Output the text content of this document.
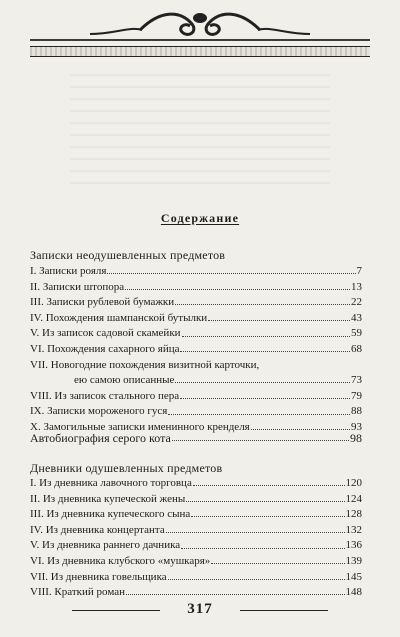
Содержание
Записки неодушевленных предметов
I. Записки рояля	7
II. Записки штопора	13
III. Записки рублевой бумажки	22
IV. Похождения шампанской бутылки	43
V. Из записок садовой скамейки	59
VI. Похождения сахарного яйца	68
VII. Новогодние похождения визитной карточки,
ею самою описанные	73
VIII. Из записок стального пера	79
IX. Записки мороженого гуся	88
X. Замогильные записки именинного кренделя	93
Автобиография серого кота	98
Дневники одушевленных предметов
I. Из дневника лавочного торговца	120
II. Из дневника купеческой жены	124
III. Из дневника купеческого сына	128
IV. Из дневника концертанта	132
V. Из дневника раннего дачника	136
VI. Из дневника клубского «мушкаря»	139
VII. Из дневника говельщика	145
VIII. Краткий роман	148
317
